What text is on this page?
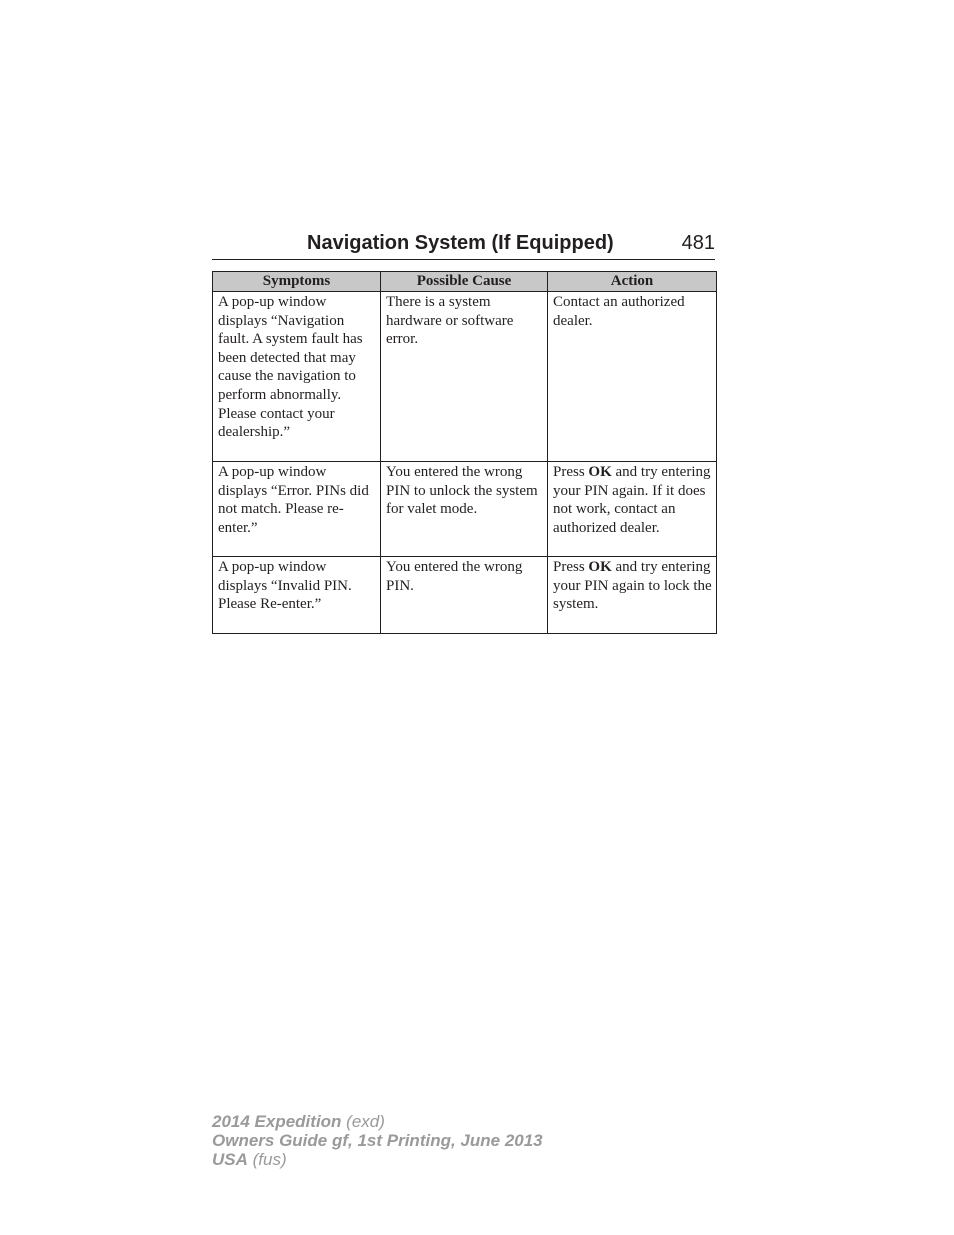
Navigation System (If Equipped)	481
Symptoms	Possible Cause	Action
A pop-up window displays “Navigation fault. A system fault has been detected that may cause the navigation to perform abnormally. Please contact your dealership.”	There is a system hardware or software error.	Contact an authorized dealer.
A pop-up window displays “Error. PINs did not match. Please re-enter.”	You entered the wrong PIN to unlock the system for valet mode.	Press OK and try entering your PIN again. If it does not work, contact an authorized dealer.
A pop-up window displays “Invalid PIN. Please Re-enter.”	You entered the wrong PIN.	Press OK and try entering your PIN again to lock the system.
2014 Expedition (exd)
Owners Guide gf, 1st Printing, June 2013
USA (fus)
